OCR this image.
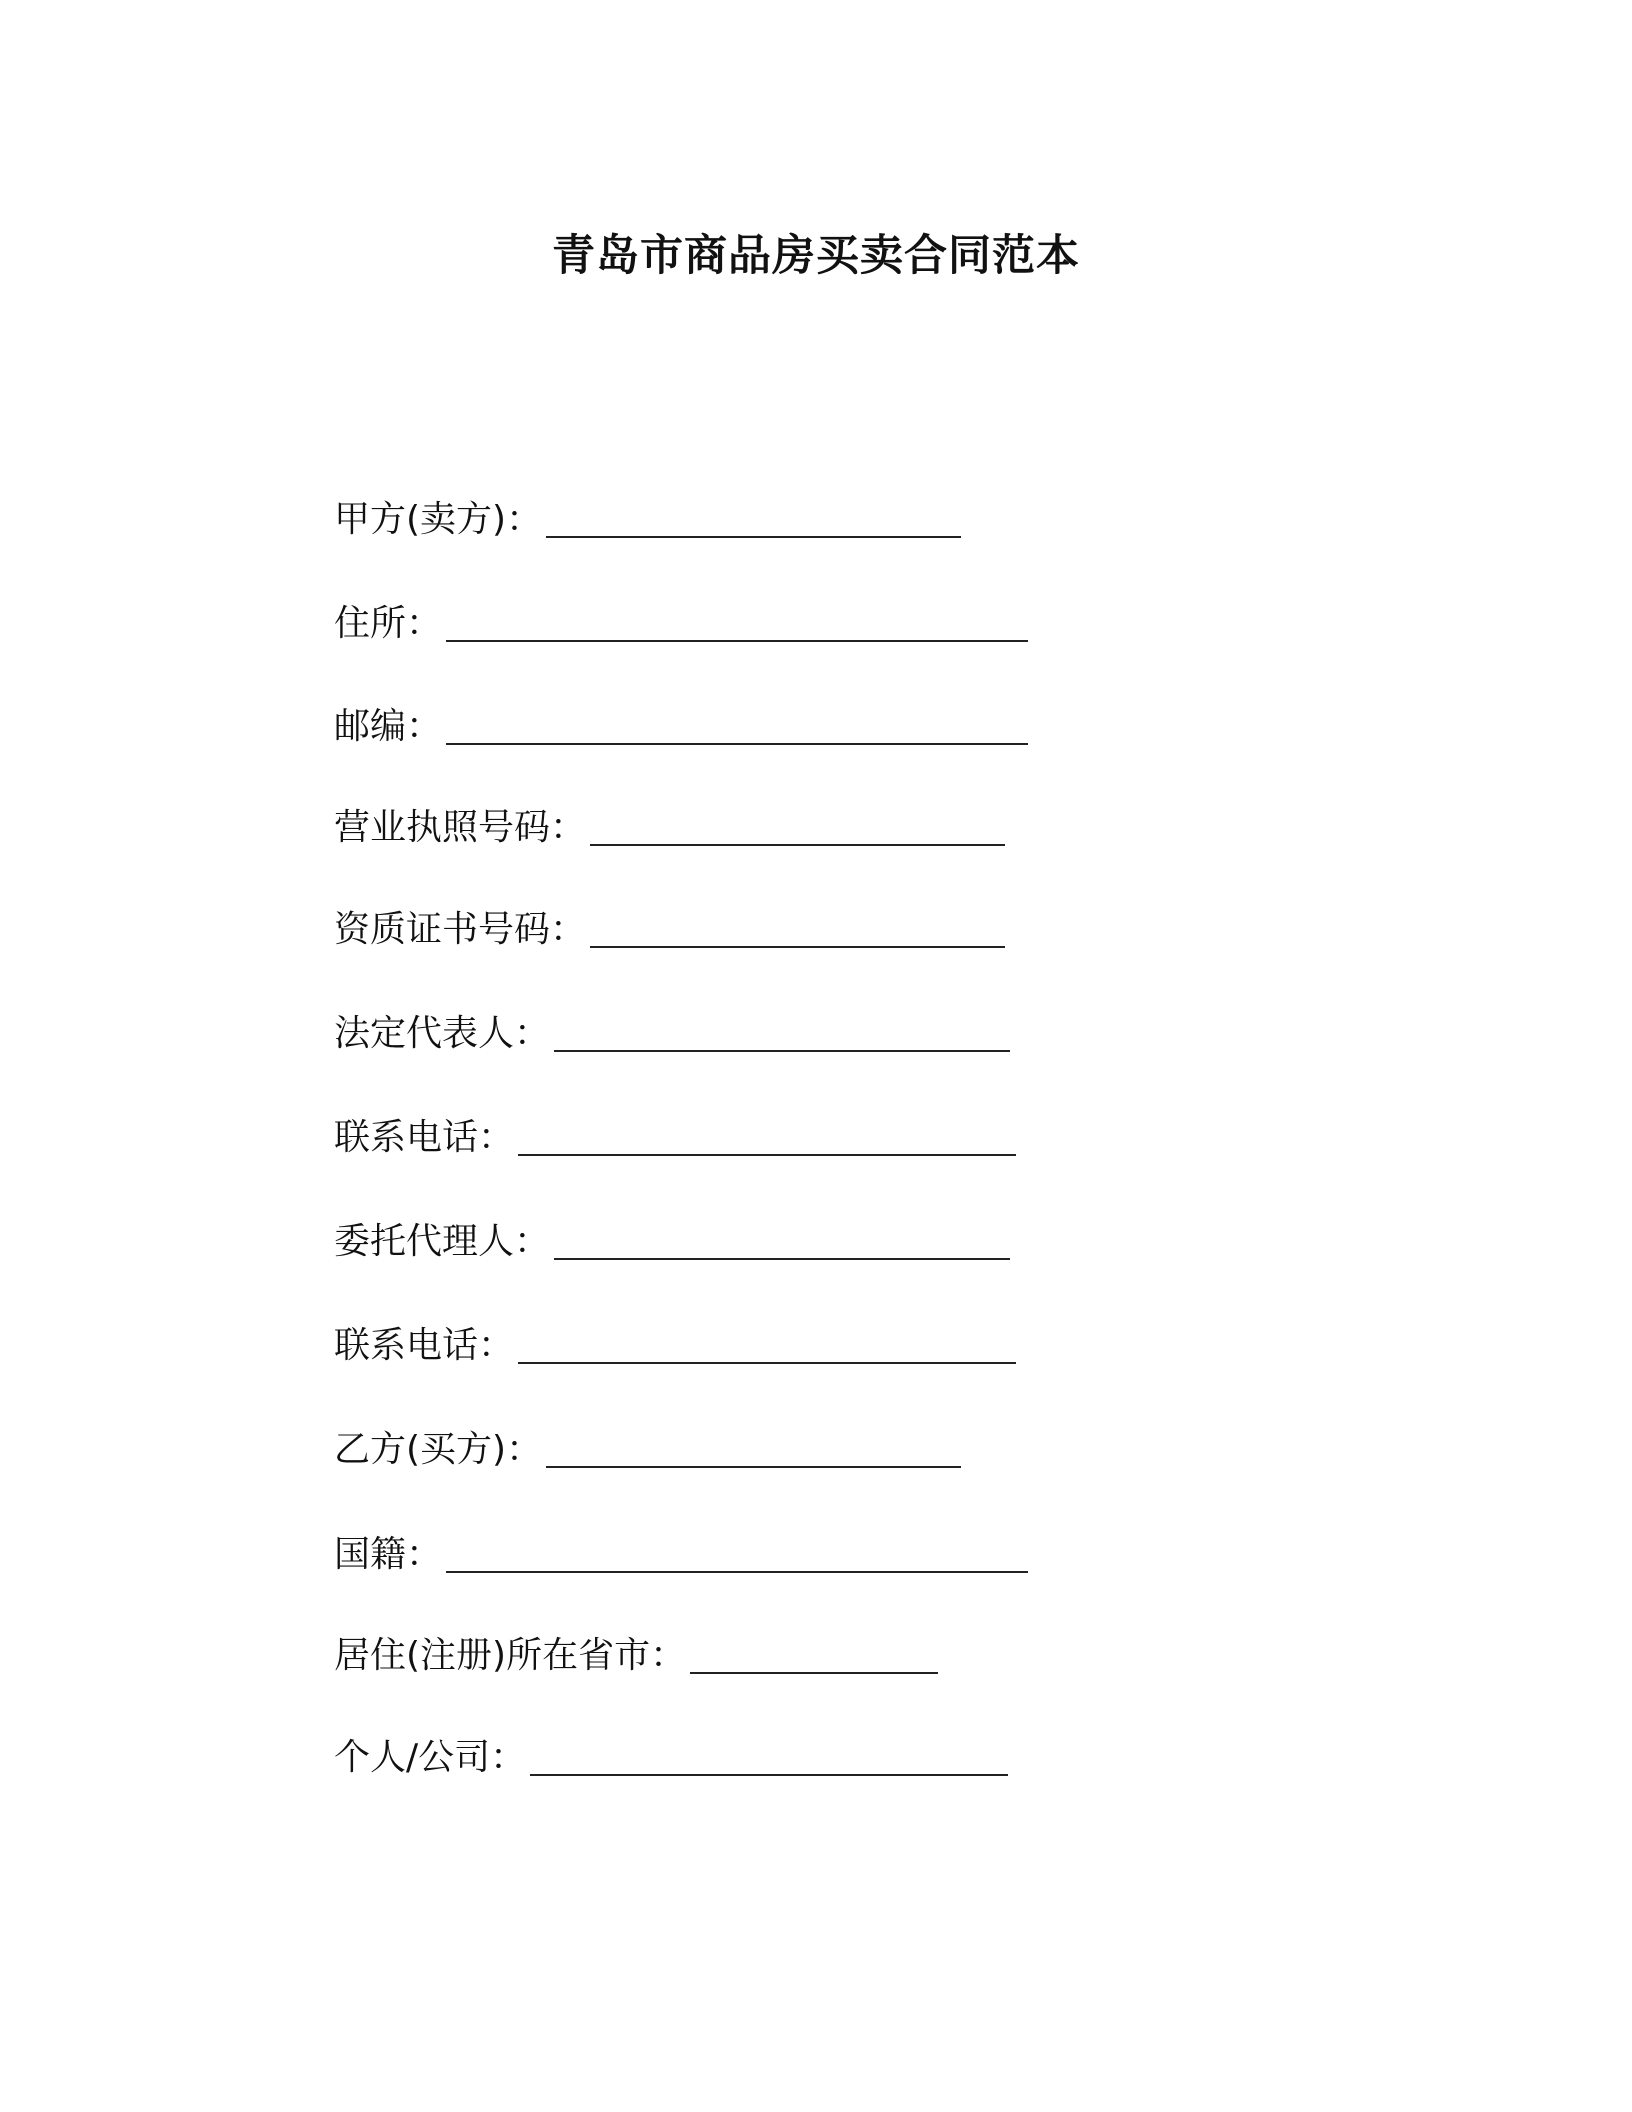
青岛市商品房买卖合同范本
甲方(卖方)：
住所：
邮编：
营业执照号码：
资质证书号码：
法定代表人：
联系电话：
委托代理人：
联系电话：
乙方(买方)：
国籍：
居住(注册)所在省市：
个人/公司：
